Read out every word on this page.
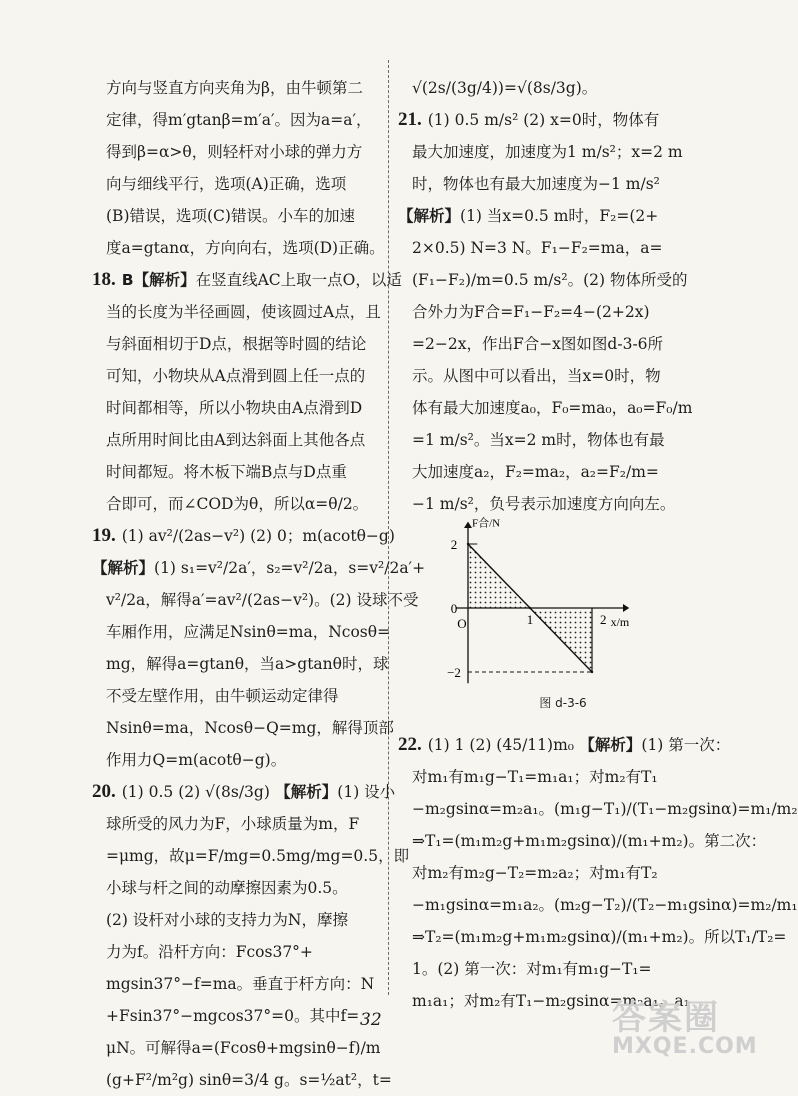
方向与竖直方向夹角为β，由牛顿第二
定律，得m′gtanβ=m′a′。因为a=a′，
得到β=α>θ，则轻杆对小球的弹力方
向与细线平行，选项(A)正确，选项
(B)错误，选项(C)错误。小车的加速
度a=gtanα，方向向右，选项(D)正确。
18. B【解析】在竖直线AC上取一点O，以适
当的长度为半径画圆，使该圆过A点，且
与斜面相切于D点，根据等时圆的结论
可知，小物块从A点滑到圆上任一点的
时间都相等，所以小物块由A点滑到D
点所用时间比由A到达斜面上其他各点
时间都短。将木板下端B点与D点重
合即可，而∠COD为θ，所以α=θ/2。
19. (1) av²/(2as−v²) (2) 0；m(acotθ−g)
【解析】(1) s₁=v²/2a′，s₂=v²/2a，s=v²/2a′+
v²/2a，解得a′=av²/(2as−v²)。(2) 设球不受
车厢作用，应满足Nsinθ=ma，Ncosθ=
mg，解得a=gtanθ，当a>gtanθ时，球
不受左壁作用，由牛顿运动定律得
Nsinθ=ma，Ncosθ−Q=mg，解得顶部
作用力Q=m(acotθ−g)。
20. (1) 0.5 (2) √(8s/3g) 【解析】(1) 设小
球所受的风力为F，小球质量为m，F
=μmg，故μ=F/mg=0.5mg/mg=0.5，即
小球与杆之间的动摩擦因素为0.5。
(2) 设杆对小球的支持力为N，摩擦
力为f。沿杆方向：Fcos37°+
mgsin37°−f=ma。垂直于杆方向：N
+Fsin37°−mgcos37°=0。其中f=
μN。可解得a=(Fcosθ+mgsinθ−f)/m
(g+F²/m²g) sinθ=3/4 g。s=½at²，t=
√(2s/(3g/4))=√(8s/3g)。
21. (1) 0.5 m/s² (2) x=0时，物体有
最大加速度，加速度为1 m/s²；x=2 m
时，物体也有最大加速度为−1 m/s²
【解析】(1) 当x=0.5 m时，F₂=(2+
2×0.5) N=3 N。F₁−F₂=ma，a=
(F₁−F₂)/m=0.5 m/s²。(2) 物体所受的
合外力为F合=F₁−F₂=4−(2+2x)
=2−2x，作出F合−x图如图d-3-6所
示。从图中可以看出，当x=0时，物
体有最大加速度a₀，F₀=ma₀，a₀=F₀/m
=1 m/s²。当x=2 m时，物体也有最
大加速度a₂，F₂=ma₂，a₂=F₂/m=
−1 m/s²，负号表示加速度方向向左。
F合/N
x/m
2
0
O
−2
1	2
图 d-3-6
22. (1) 1 (2) (45/11)m₀ 【解析】(1) 第一次：
对m₁有m₁g−T₁=m₁a₁；对m₂有T₁
−m₂gsinα=m₂a₁。(m₁g−T₁)/(T₁−m₂gsinα)=m₁/m₂
⇒T₁=(m₁m₂g+m₁m₂gsinα)/(m₁+m₂)。第二次：
对m₂有m₂g−T₂=m₂a₂；对m₁有T₂
−m₁gsinα=m₁a₂。(m₂g−T₂)/(T₂−m₁gsinα)=m₂/m₁
⇒T₂=(m₁m₂g+m₁m₂gsinα)/(m₁+m₂)。所以T₁/T₂=
1。(2) 第一次：对m₁有m₁g−T₁=
m₁a₁；对m₂有T₁−m₂gsinα=m₂a₁。a₁
32	答案圈
MXQE.COM
